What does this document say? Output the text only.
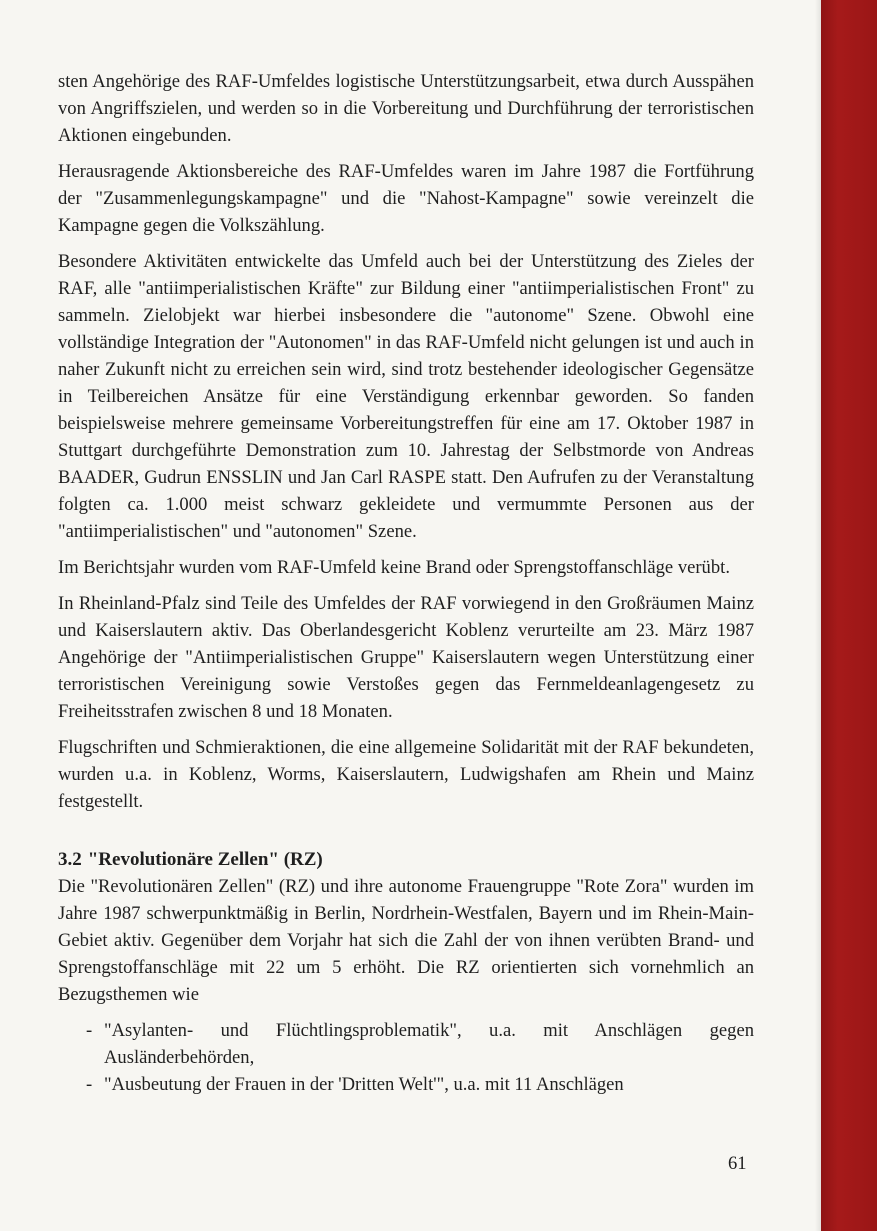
sten Angehörige des RAF-Umfeldes logistische Unterstützungsarbeit, etwa durch Ausspähen von Angriffszielen, und werden so in die Vorbereitung und Durchführung der terroristischen Aktionen eingebunden.

Herausragende Aktionsbereiche des RAF-Umfeldes waren im Jahre 1987 die Fortführung der "Zusammenlegungskampagne" und die "Nahost-Kampagne" sowie vereinzelt die Kampagne gegen die Volkszählung.

Besondere Aktivitäten entwickelte das Umfeld auch bei der Unterstützung des Zieles der RAF, alle "antiimperialistischen Kräfte" zur Bildung einer "antiimperialistischen Front" zu sammeln. Zielobjekt war hierbei insbesondere die "autonome" Szene. Obwohl eine vollständige Integration der "Autonomen" in das RAF-Umfeld nicht gelungen ist und auch in naher Zukunft nicht zu erreichen sein wird, sind trotz bestehender ideologischer Gegensätze in Teilbereichen Ansätze für eine Verständigung erkennbar geworden. So fanden beispielsweise mehrere gemeinsame Vorbereitungstreffen für eine am 17. Oktober 1987 in Stuttgart durchgeführte Demonstration zum 10. Jahrestag der Selbstmorde von Andreas BAADER, Gudrun ENSSLIN und Jan Carl RASPE statt. Den Aufrufen zu der Veranstaltung folgten ca. 1.000 meist schwarz gekleidete und vermummte Personen aus der "antiimperialistischen" und "autonomen" Szene.

Im Berichtsjahr wurden vom RAF-Umfeld keine Brand oder Sprengstoffanschläge verübt.

In Rheinland-Pfalz sind Teile des Umfeldes der RAF vorwiegend in den Großräumen Mainz und Kaiserslautern aktiv. Das Oberlandesgericht Koblenz verurteilte am 23. März 1987 Angehörige der "Antiimperialistischen Gruppe" Kaiserslautern wegen Unterstützung einer terroristischen Vereinigung sowie Verstoßes gegen das Fernmeldeanlagengesetz zu Freiheitsstrafen zwischen 8 und 18 Monaten.

Flugschriften und Schmieraktionen, die eine allgemeine Solidarität mit der RAF bekundeten, wurden u.a. in Koblenz, Worms, Kaiserslautern, Ludwigshafen am Rhein und Mainz festgestellt.

3.2 "Revolutionäre Zellen" (RZ)

Die "Revolutionären Zellen" (RZ) und ihre autonome Frauengruppe "Rote Zora" wurden im Jahre 1987 schwerpunktmäßig in Berlin, Nordrhein-Westfalen, Bayern und im Rhein-Main-Gebiet aktiv. Gegenüber dem Vorjahr hat sich die Zahl der von ihnen verübten Brand- und Sprengstoffanschläge mit 22 um 5 erhöht. Die RZ orientierten sich vornehmlich an Bezugsthemen wie

- "Asylanten- und Flüchtlingsproblematik", u.a. mit Anschlägen gegen Ausländerbehörden,
- "Ausbeutung der Frauen in der 'Dritten Welt'", u.a. mit 11 Anschlägen
61
